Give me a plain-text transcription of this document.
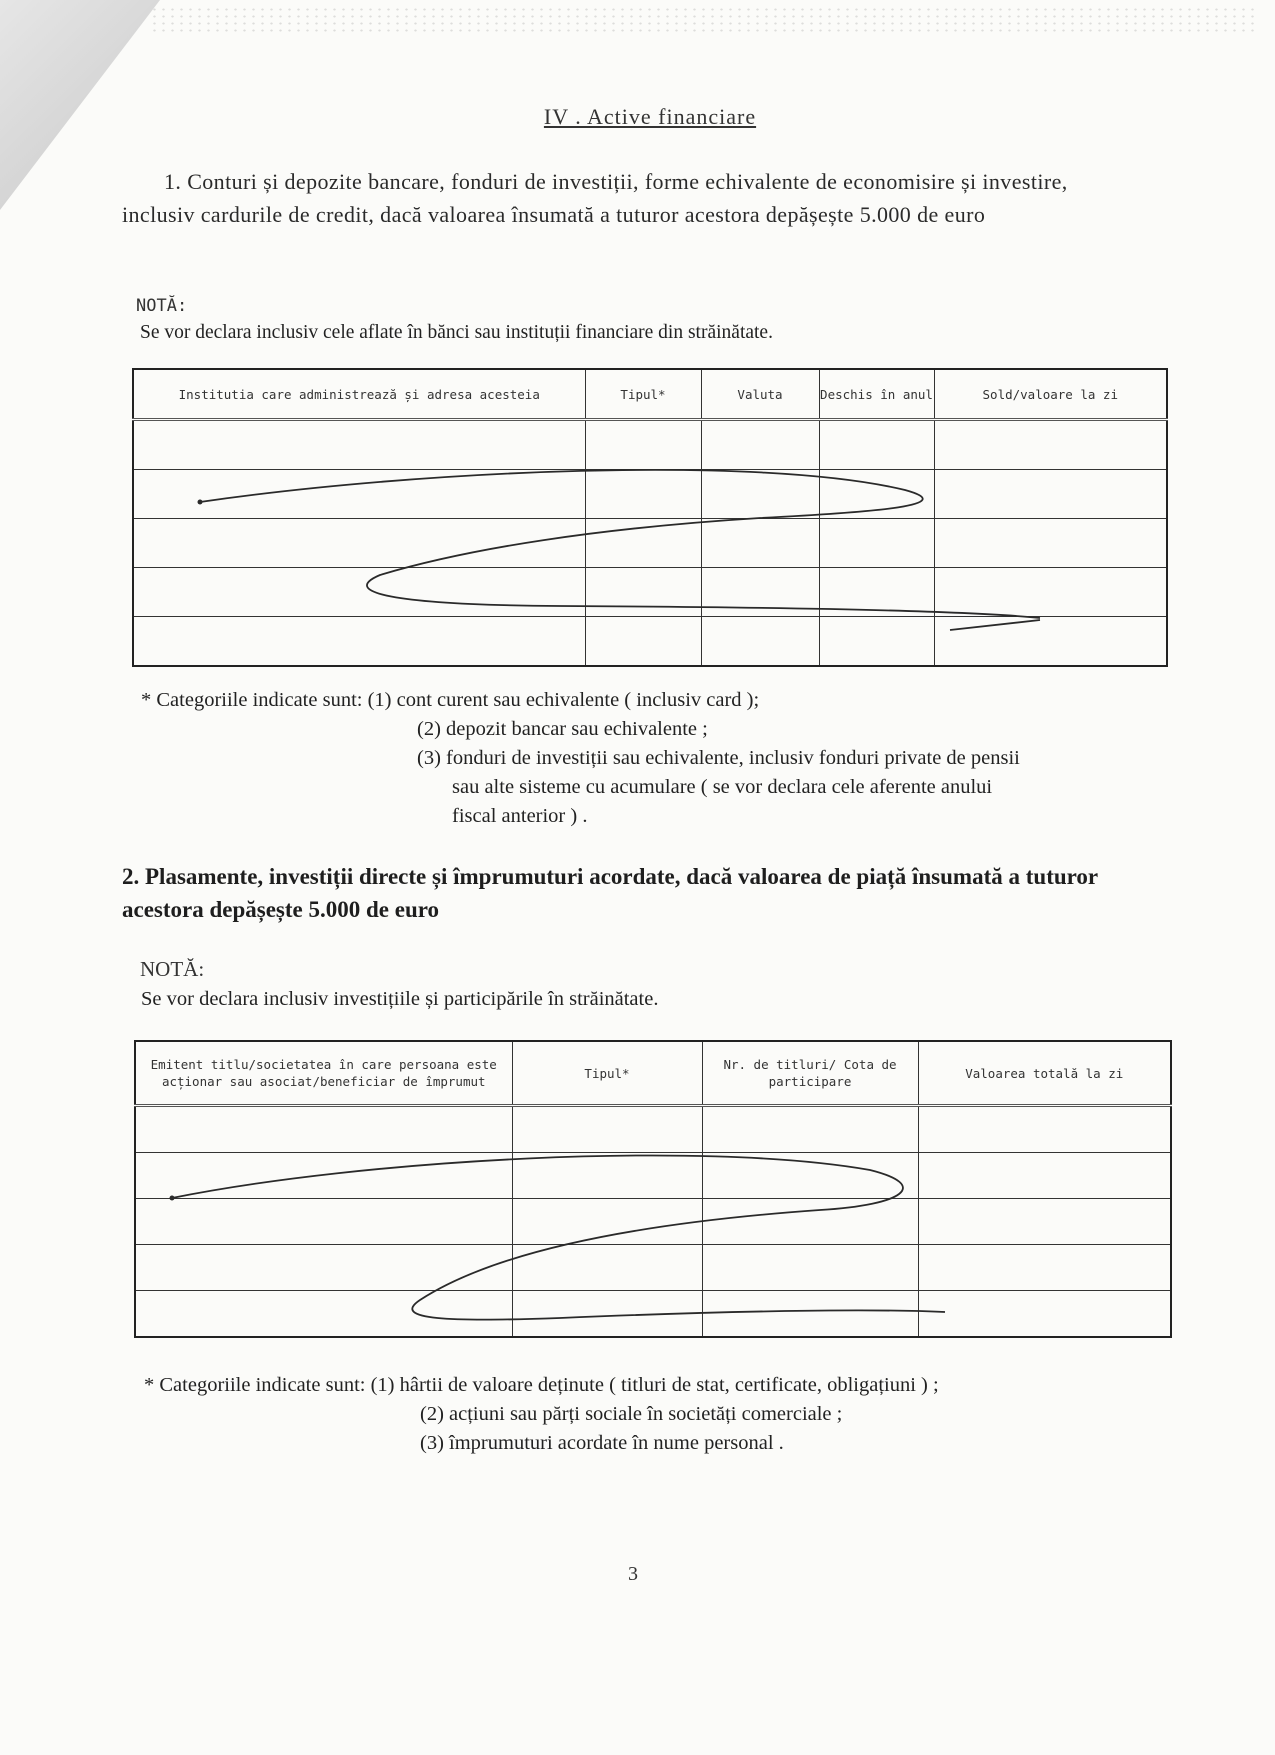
IV . Active financiare
1. Conturi și depozite bancare, fonduri de investiții, forme echivalente de economisire și investire, inclusiv cardurile de credit, dacă valoarea însumată a tuturor acestora depășește 5.000 de euro
NOTĂ:
Se vor declara inclusiv cele aflate în bănci sau instituții financiare din străinătate.
Institutia care administrează și adresa acesteia	Tipul*	Valuta	Deschis în anul	Sold/valoare la zi

* Categoriile indicate sunt: (1) cont curent sau echivalente ( inclusiv card );
(2) depozit bancar sau echivalente ;
(3) fonduri de investiții sau echivalente, inclusiv fonduri private de pensii
sau alte sisteme cu acumulare ( se vor declara cele aferente anului
fiscal anterior ) .
2. Plasamente, investiții directe și împrumuturi acordate, dacă valoarea de piață însumată a tuturor acestora depășește 5.000 de euro
NOTĂ:
Se vor declara inclusiv investițiile și participările în străinătate.
Emitent titlu/societatea în care persoana este acționar sau asociat/beneficiar de împrumut	Tipul*	Nr. de titluri/ Cota de participare	Valoarea totală la zi

* Categoriile indicate sunt: (1) hârtii de valoare deținute ( titluri de stat, certificate, obligațiuni ) ;
(2) acțiuni sau părți sociale în societăți comerciale ;
(3) împrumuturi acordate în nume personal .
3
